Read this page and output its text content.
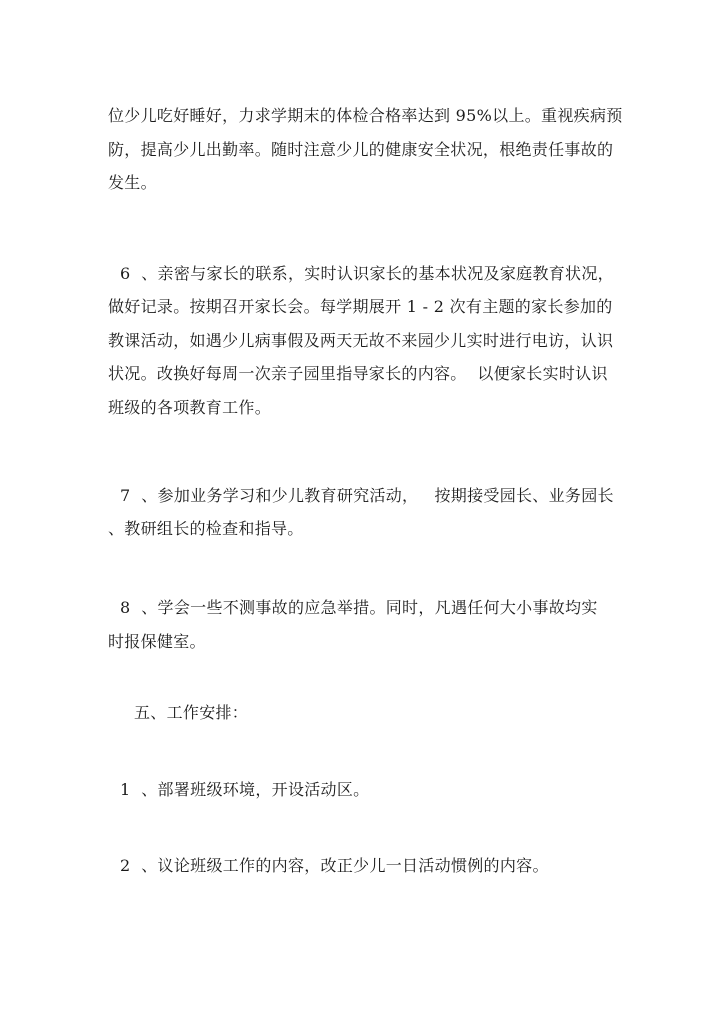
位少儿吃好睡好，力求学期末的体检合格率达到 95%以上。重视疾病预
防，提高少儿出勤率。随时注意少儿的健康安全状况，根绝责任事故的
发生。
6  、亲密与家长的联系，实时认识家长的基本状况及家庭教育状况，
做好记录。按期召开家长会。每学期展开 1 - 2 次有主题的家长参加的
教课活动，如遇少儿病事假及两天无故不来园少儿实时进行电访，认识
状况。改换好每周一次亲子园里指导家长的内容。  以便家长实时认识
班级的各项教育工作。
7  、参加业务学习和少儿教育研究活动，   按期接受园长、业务园长
、教研组长的检查和指导。
8  、学会一些不测事故的应急举措。同时，凡遇任何大小事故均实
时报保健室。
五、工作安排：
1  、部署班级环境，开设活动区。
2  、议论班级工作的内容，改正少儿一日活动惯例的内容。
